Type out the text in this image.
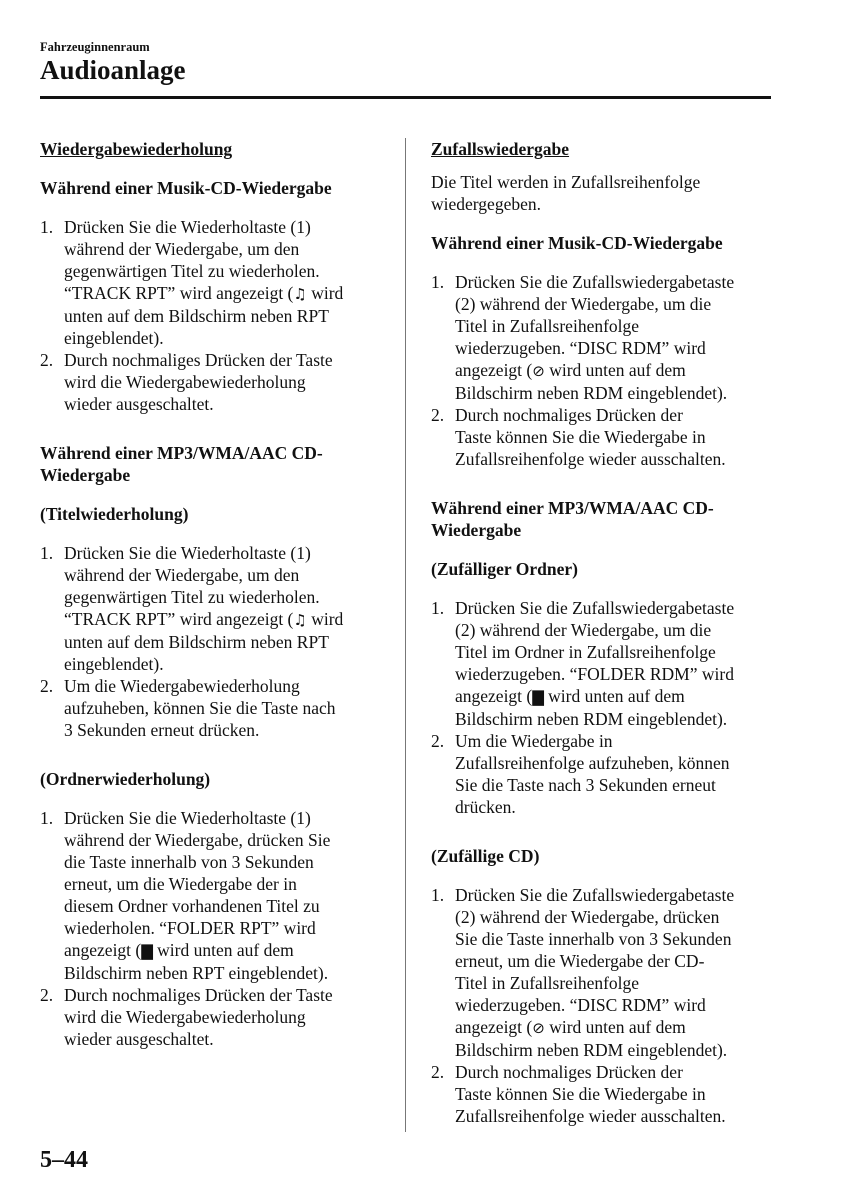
Fahrzeuginnenraum
Audioanlage
Wiedergabewiederholung
Während einer Musik-CD-Wiedergabe
1. Drücken Sie die Wiederholtaste (1)
während der Wiedergabe, um den
gegenwärtigen Titel zu wiederholen.
“TRACK RPT” wird angezeigt (♫ wird
unten auf dem Bildschirm neben RPT
eingeblendet).
2. Durch nochmaliges Drücken der Taste
wird die Wiedergabewiederholung
wieder ausgeschaltet.
Während einer MP3/WMA/AAC CD-
Wiedergabe
(Titelwiederholung)
1. Drücken Sie die Wiederholtaste (1)
während der Wiedergabe, um den
gegenwärtigen Titel zu wiederholen.
“TRACK RPT” wird angezeigt (♫ wird
unten auf dem Bildschirm neben RPT
eingeblendet).
2. Um die Wiedergabewiederholung
aufzuheben, können Sie die Taste nach
3 Sekunden erneut drücken.
(Ordnerwiederholung)
1. Drücken Sie die Wiederholtaste (1)
während der Wiedergabe, drücken Sie
die Taste innerhalb von 3 Sekunden
erneut, um die Wiedergabe der in
diesem Ordner vorhandenen Titel zu
wiederholen. “FOLDER RPT” wird
angezeigt (▇ wird unten auf dem
Bildschirm neben RPT eingeblendet).
2. Durch nochmaliges Drücken der Taste
wird die Wiedergabewiederholung
wieder ausgeschaltet.
Zufallswiedergabe
Die Titel werden in Zufallsreihenfolge
wiedergegeben.
Während einer Musik-CD-Wiedergabe
1. Drücken Sie die Zufallswiedergabetaste
(2) während der Wiedergabe, um die
Titel in Zufallsreihenfolge
wiederzugeben. “DISC RDM” wird
angezeigt (⊘ wird unten auf dem
Bildschirm neben RDM eingeblendet).
2. Durch nochmaliges Drücken der
Taste können Sie die Wiedergabe in
Zufallsreihenfolge wieder ausschalten.
Während einer MP3/WMA/AAC CD-
Wiedergabe
(Zufälliger Ordner)
1. Drücken Sie die Zufallswiedergabetaste
(2) während der Wiedergabe, um die
Titel im Ordner in Zufallsreihenfolge
wiederzugeben. “FOLDER RDM” wird
angezeigt (▇ wird unten auf dem
Bildschirm neben RDM eingeblendet).
2. Um die Wiedergabe in
Zufallsreihenfolge aufzuheben, können
Sie die Taste nach 3 Sekunden erneut
drücken.
(Zufällige CD)
1. Drücken Sie die Zufallswiedergabetaste
(2) während der Wiedergabe, drücken
Sie die Taste innerhalb von 3 Sekunden
erneut, um die Wiedergabe der CD-
Titel in Zufallsreihenfolge
wiederzugeben. “DISC RDM” wird
angezeigt (⊘ wird unten auf dem
Bildschirm neben RDM eingeblendet).
2. Durch nochmaliges Drücken der
Taste können Sie die Wiedergabe in
Zufallsreihenfolge wieder ausschalten.
5–44
